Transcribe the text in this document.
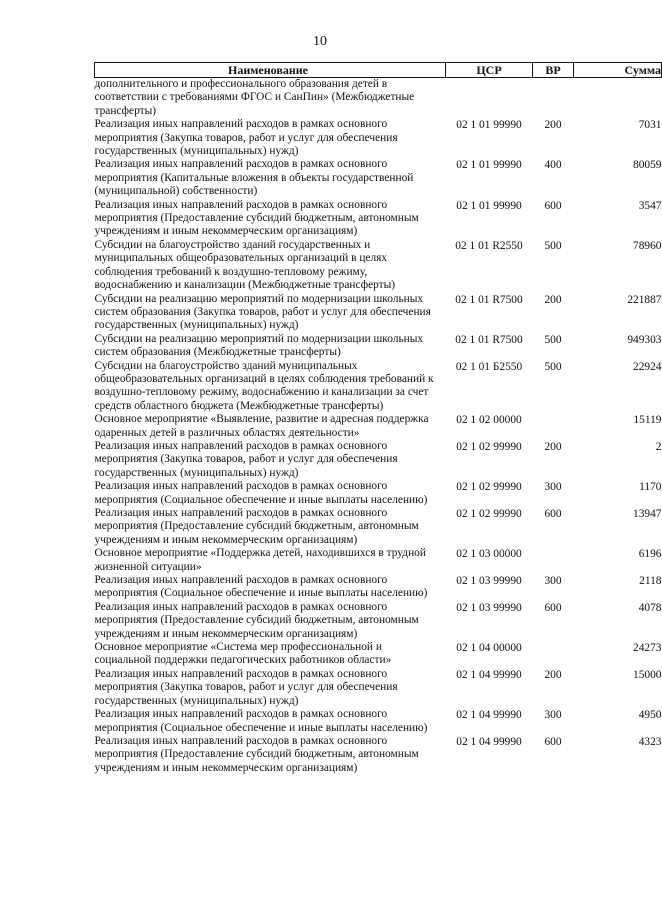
10
Наименование	ЦСР	ВР	Сумма
дополнительного и профессионального образования детей в соответствии с требованиями ФГОС и СанПин» (Межбюджетные трансферты)			
Реализация иных направлений расходов в рамках основного мероприятия (Закупка товаров, работ и услуг для обеспечения государственных (муниципальных) нужд)	02 1 01 99990	200	7031
Реализация иных направлений расходов в рамках основного мероприятия (Капитальные вложения в объекты государственной (муниципальной) собственности)	02 1 01 99990	400	80059
Реализация иных направлений расходов в рамках основного мероприятия (Предоставление субсидий бюджетным, автономным учреждениям и иным некоммерческим организациям)	02 1 01 99990	600	3547
Субсидии на благоустройство зданий государственных и муниципальных общеобразовательных организаций в целях соблюдения требований к воздушно-тепловому режиму, водоснабжению и канализации (Межбюджетные трансферты)	02 1 01 R2550	500	78960
Субсидии на реализацию мероприятий по модернизации школьных систем образования (Закупка товаров, работ и услуг для обеспечения государственных (муниципальных) нужд)	02 1 01 R7500	200	221887
Субсидии на реализацию мероприятий по модернизации школьных систем образования (Межбюджетные трансферты)	02 1 01 R7500	500	949303
Субсидии на благоустройство зданий муниципальных общеобразовательных организаций в целях соблюдения требований к воздушно-тепловому режиму, водоснабжению и канализации за счет средств областного бюджета (Межбюджетные трансферты)	02 1 01 Б2550	500	22924
Основное мероприятие «Выявление, развитие и адресная поддержка одаренных детей в различных областях деятельности»	02 1 02 00000		15119
Реализация иных направлений расходов в рамках основного мероприятия (Закупка товаров, работ и услуг для обеспечения государственных (муниципальных) нужд)	02 1 02 99990	200	2
Реализация иных направлений расходов в рамках основного мероприятия (Социальное обеспечение и иные выплаты населению)	02 1 02 99990	300	1170
Реализация иных направлений расходов в рамках основного мероприятия (Предоставление субсидий бюджетным, автономным учреждениям и иным некоммерческим организациям)	02 1 02 99990	600	13947
Основное мероприятие «Поддержка детей, находившихся в трудной жизненной ситуации»	02 1 03 00000		6196
Реализация иных направлений расходов в рамках основного мероприятия (Социальное обеспечение и иные выплаты населению)	02 1 03 99990	300	2118
Реализация иных направлений расходов в рамках основного мероприятия (Предоставление субсидий бюджетным, автономным учреждениям и иным некоммерческим организациям)	02 1 03 99990	600	4078
Основное мероприятие «Система мер профессиональной и социальной поддержки педагогических работников области»	02 1 04 00000		24273
Реализация иных направлений расходов в рамках основного мероприятия (Закупка товаров, работ и услуг для обеспечения государственных (муниципальных) нужд)	02 1 04 99990	200	15000
Реализация иных направлений расходов в рамках основного мероприятия (Социальное обеспечение и иные выплаты населению)	02 1 04 99990	300	4950
Реализация иных направлений расходов в рамках основного мероприятия (Предоставление субсидий бюджетным, автономным учреждениям и иным некоммерческим организациям)	02 1 04 99990	600	4323
